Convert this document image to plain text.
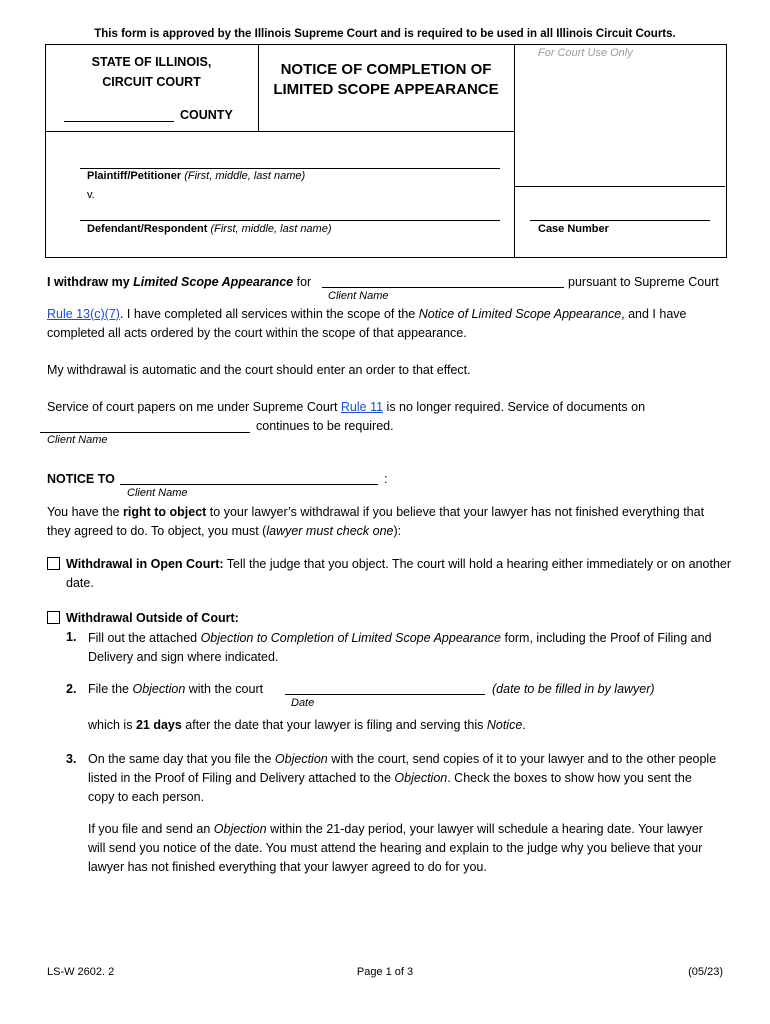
This form is approved by the Illinois Supreme Court and is required to be used in all Illinois Circuit Courts.
STATE OF ILLINOIS,
CIRCUIT COURT
COUNTY
NOTICE OF COMPLETION OF
LIMITED SCOPE APPEARANCE
For Court Use Only
Plaintiff/Petitioner (First, middle, last name)
v.
Defendant/Respondent (First, middle, last name)	Case Number
I withdraw my Limited Scope Appearance for	pursuant to Supreme Court
Client Name
Rule 13(c)(7). I have completed all services within the scope of the Notice of Limited Scope Appearance, and I have
completed all acts ordered by the court within the scope of that appearance.
My withdrawal is automatic and the court should enter an order to that effect.
Service of court papers on me under Supreme Court Rule 11 is no longer required. Service of documents on
continues to be required.
Client Name
NOTICE TO	:
Client Name
You have the right to object to your lawyer’s withdrawal if you believe that your lawyer has not finished everything that
they agreed to do. To object, you must (lawyer must check one):
Withdrawal in Open Court: Tell the judge that you object. The court will hold a hearing either immediately or on another
date.
Withdrawal Outside of Court:
1. Fill out the attached Objection to Completion of Limited Scope Appearance form, including the Proof of Filing and
Delivery and sign where indicated.
2. File the Objection with the court	(date to be filled in by lawyer)
Date
which is 21 days after the date that your lawyer is filing and serving this Notice.
3. On the same day that you file the Objection with the court, send copies of it to your lawyer and to the other people
listed in the Proof of Filing and Delivery attached to the Objection. Check the boxes to show how you sent the
copy to each person.
If you file and send an Objection within the 21-day period, your lawyer will schedule a hearing date. Your lawyer
will send you notice of the date. You must attend the hearing and explain to the judge why you believe that your
lawyer has not finished everything that your lawyer agreed to do for you.
LS-W 2602. 2	Page 1 of 3	(05/23)
